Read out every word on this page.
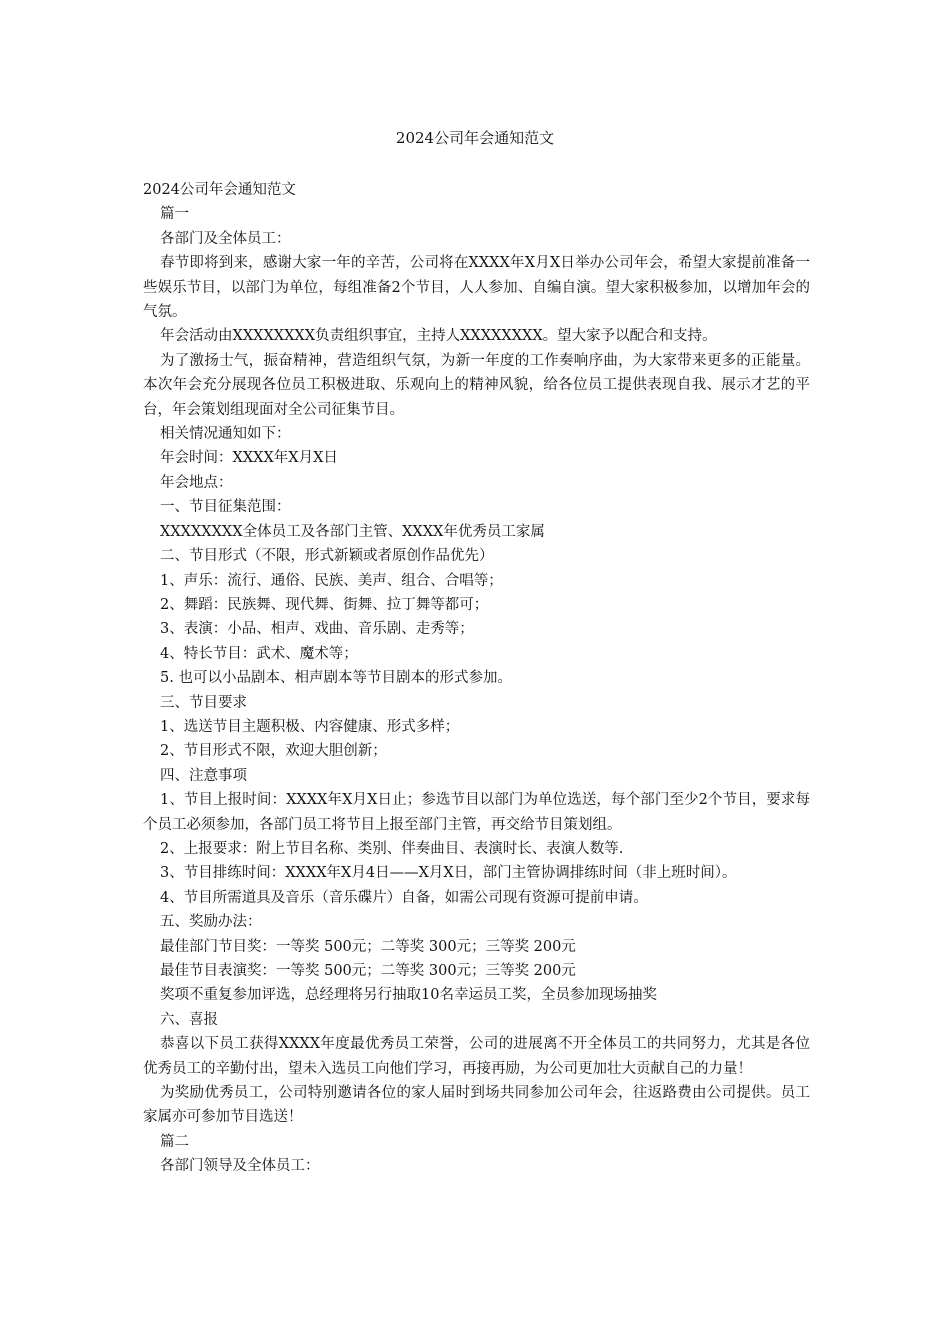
2024公司年会通知范文

2024公司年会通知范文

篇一

各部门及全体员工：

春节即将到来，感谢大家一年的辛苦，公司将在XXXX年X月X日举办公司年会，希望大家提前准备一些娱乐节目，以部门为单位，每组准备2个节目，人人参加、自编自演。望大家积极参加，以增加年会的气氛。

年会活动由XXXXXXXX负责组织事宜，主持人XXXXXXXX。望大家予以配合和支持。

为了激扬士气，振奋精神，营造组织气氛，为新一年度的工作奏响序曲，为大家带来更多的正能量。本次年会充分展现各位员工积极进取、乐观向上的精神风貌，给各位员工提供表现自我、展示才艺的平台，年会策划组现面对全公司征集节目。

相关情况通知如下：

年会时间：XXXX年X月X日

年会地点：

一、节目征集范围：

XXXXXXXX全体员工及各部门主管、XXXX年优秀员工家属

二、节目形式（不限，形式新颖或者原创作品优先）

1、声乐：流行、通俗、民族、美声、组合、合唱等；

2、舞蹈：民族舞、现代舞、街舞、拉丁舞等都可；

3、表演：小品、相声、戏曲、音乐剧、走秀等；

4、特长节目：武术、魔术等；

5. 也可以小品剧本、相声剧本等节目剧本的形式参加。

三、节目要求

1、选送节目主题积极、内容健康、形式多样；

2、节目形式不限，欢迎大胆创新；

四、注意事项

1、节目上报时间：XXXX年X月X日止；参选节目以部门为单位选送，每个部门至少2个节目，要求每个员工必须参加，各部门员工将节目上报至部门主管，再交给节目策划组。

2、上报要求：附上节目名称、类别、伴奏曲目、表演时长、表演人数等.

3、节目排练时间：XXXX年X月4日——X月X日，部门主管协调排练时间（非上班时间）。

4、节目所需道具及音乐（音乐碟片）自备，如需公司现有资源可提前申请。

五、奖励办法：

最佳部门节目奖：一等奖 500元；二等奖 300元；三等奖 200元

最佳节目表演奖：一等奖 500元；二等奖 300元；三等奖 200元

奖项不重复参加评选，总经理将另行抽取10名幸运员工奖，全员参加现场抽奖

六、喜报

恭喜以下员工获得XXXX年度最优秀员工荣誉，公司的进展离不开全体员工的共同努力，尤其是各位优秀员工的辛勤付出，望未入选员工向他们学习，再接再励，为公司更加壮大贡献自己的力量！

为奖励优秀员工，公司特别邀请各位的家人届时到场共同参加公司年会，往返路费由公司提供。员工家属亦可参加节目选送！

篇二

各部门领导及全体员工：
